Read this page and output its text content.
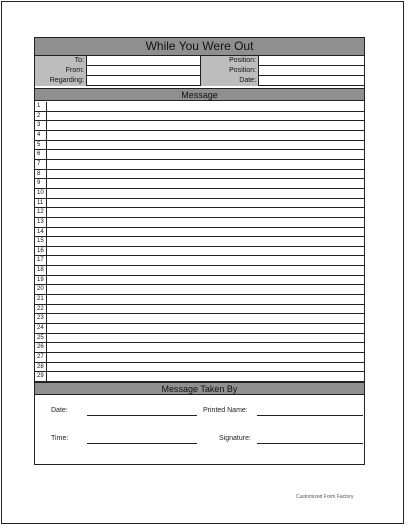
While You Were Out
To:	Position:
From:	Position:
Regarding:	Date:
Message
1
2
3
4
5
6
7
8
9
10
11
12
13
14
15
16
17
18
19
20
21
22
23
24
25
26
27
28
29
Message Taken By
Date:	Printed Name:
Time:	Signature:
Customized Form Factory
